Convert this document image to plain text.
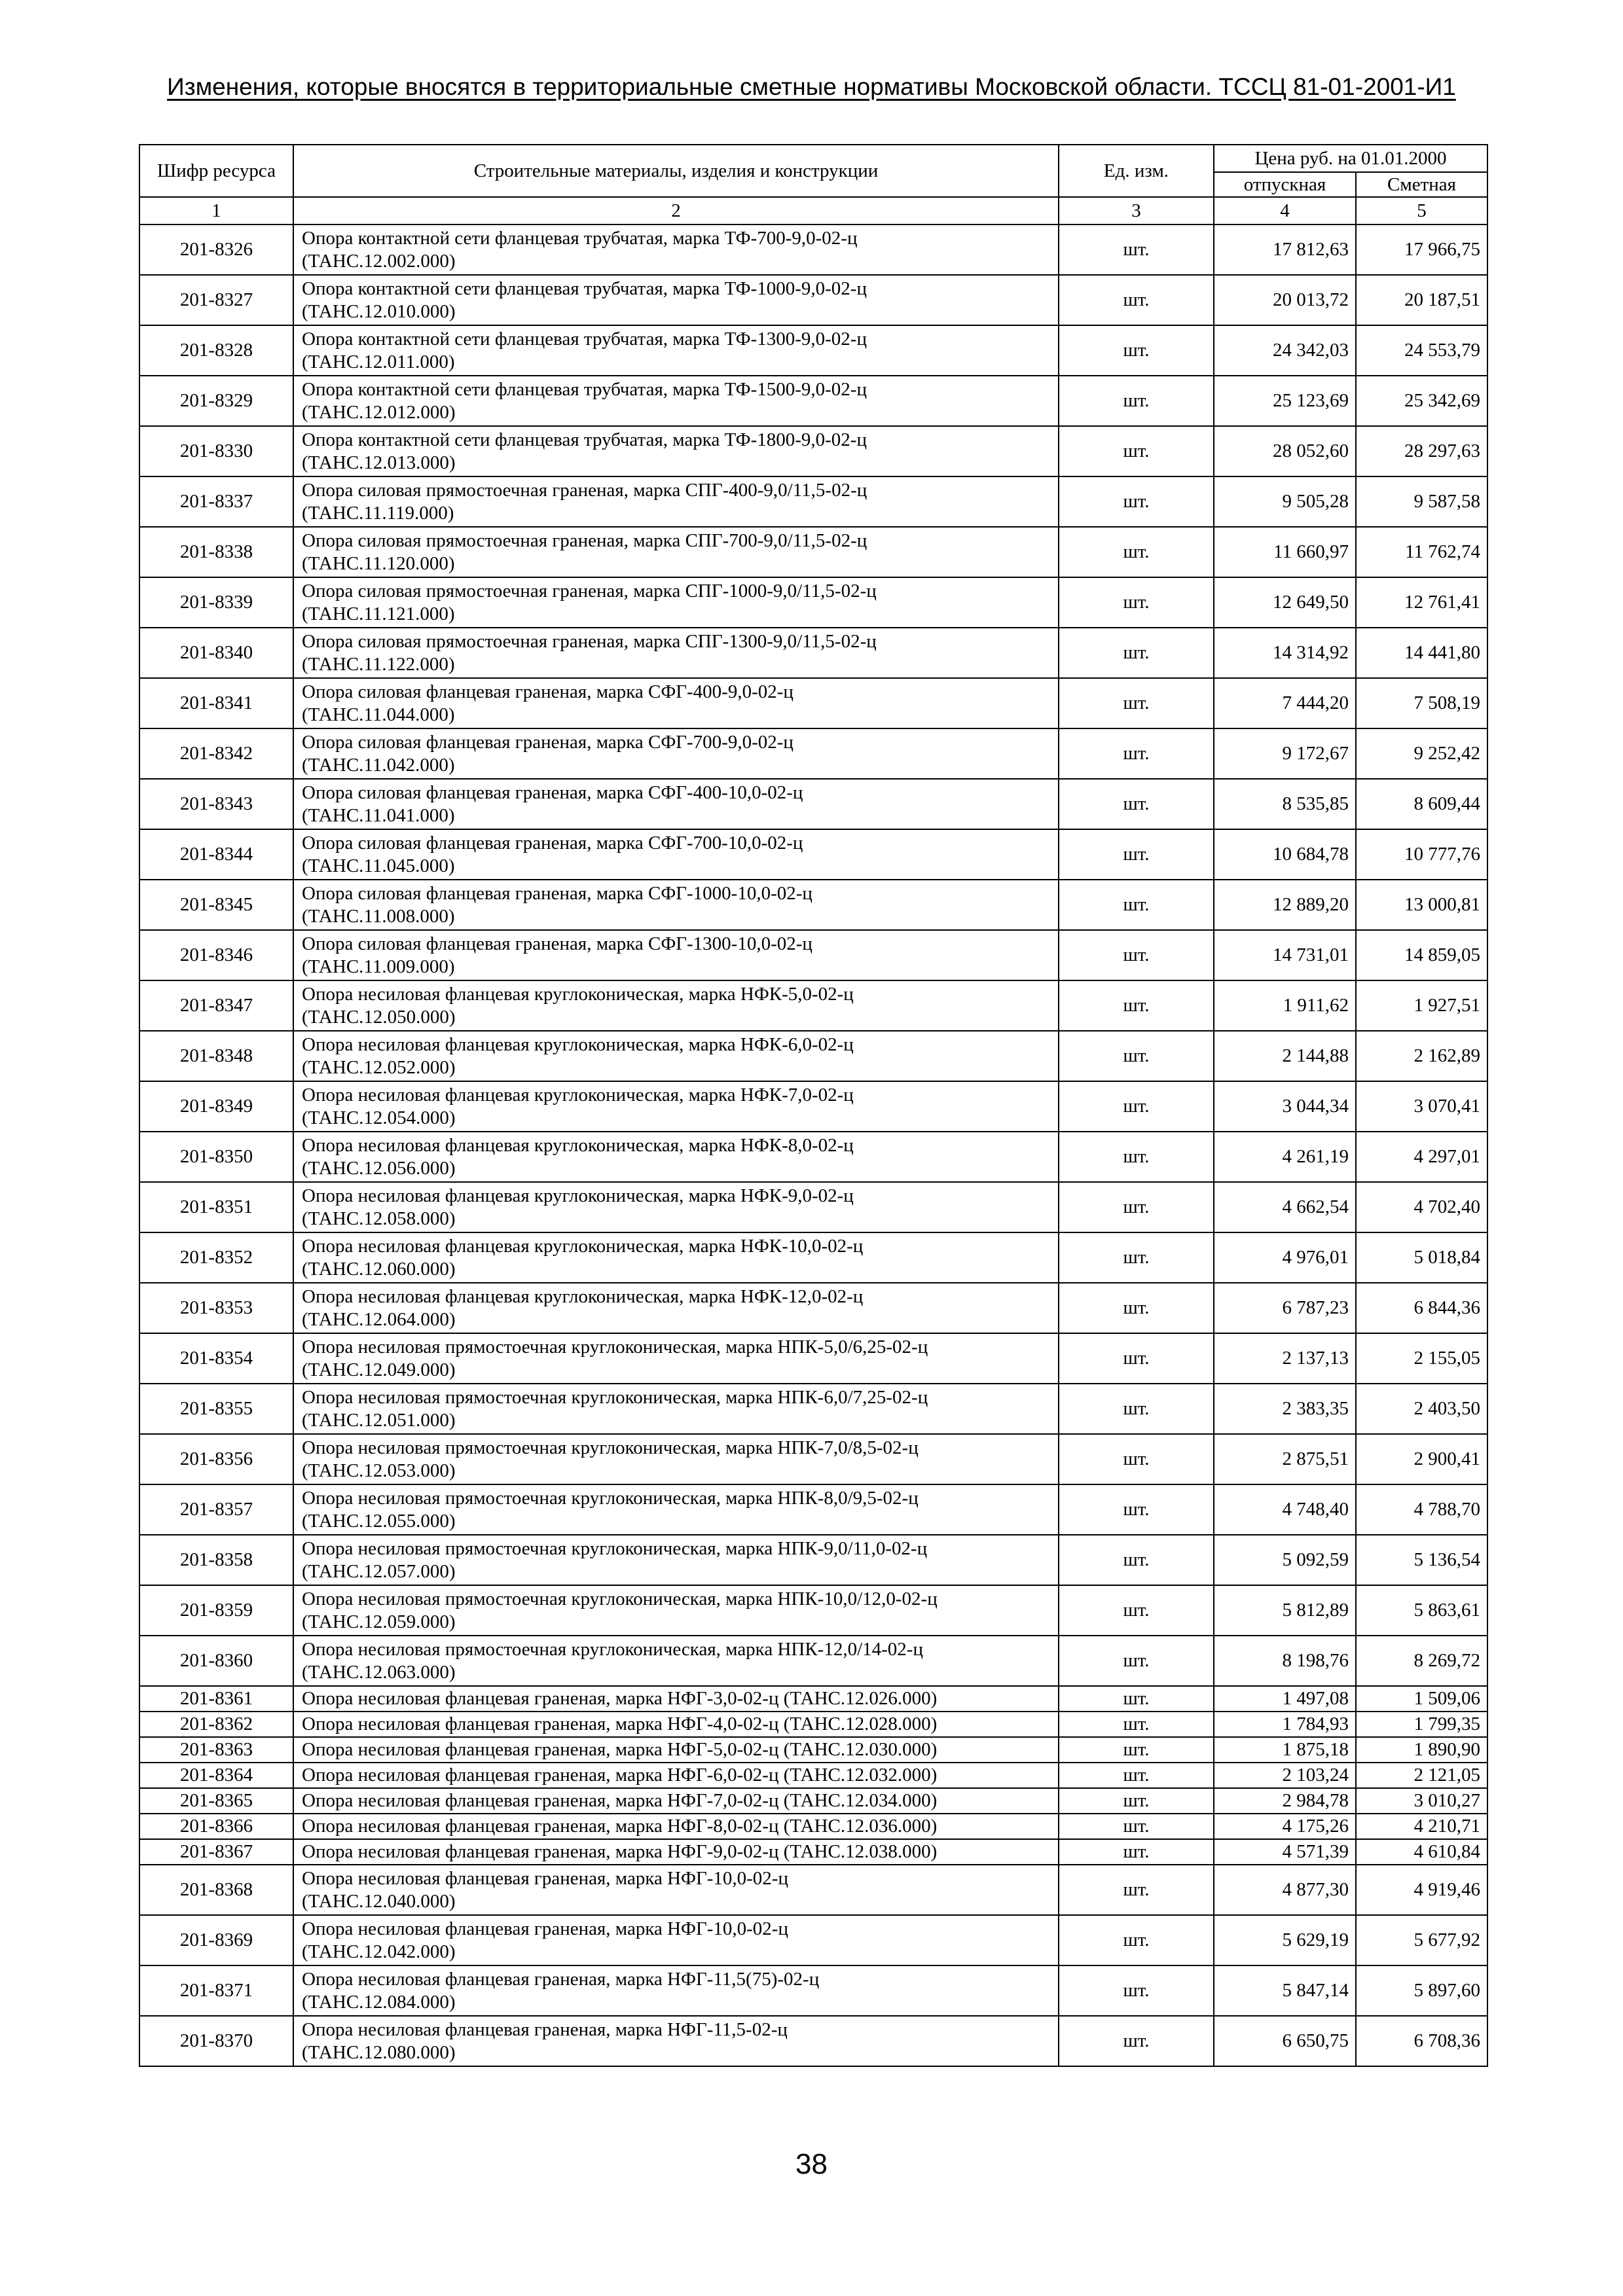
Изменения, которые вносятся в территориальные сметные нормативы Московской области. ТССЦ 81-01-2001-И1
Шифр ресурса	Строительные материалы, изделия и конструкции	Ед. изм.	Цена руб. на 01.01.2000	
			отпускная	Сметная
1	2	3	4	5
201-8326	Опора контактной сети фланцевая трубчатая, марка ТФ-700-9,0-02-ц
(ТАНС.12.002.000)	шт.	17 812,63	17 966,75
201-8327	Опора контактной сети фланцевая трубчатая, марка ТФ-1000-9,0-02-ц
(ТАНС.12.010.000)	шт.	20 013,72	20 187,51
201-8328	Опора контактной сети фланцевая трубчатая, марка ТФ-1300-9,0-02-ц
(ТАНС.12.011.000)	шт.	24 342,03	24 553,79
201-8329	Опора контактной сети фланцевая трубчатая, марка ТФ-1500-9,0-02-ц
(ТАНС.12.012.000)	шт.	25 123,69	25 342,69
201-8330	Опора контактной сети фланцевая трубчатая, марка ТФ-1800-9,0-02-ц
(ТАНС.12.013.000)	шт.	28 052,60	28 297,63
201-8337	Опора силовая прямостоечная граненая, марка СПГ-400-9,0/11,5-02-ц
(ТАНС.11.119.000)	шт.	9 505,28	9 587,58
201-8338	Опора силовая прямостоечная граненая, марка СПГ-700-9,0/11,5-02-ц
(ТАНС.11.120.000)	шт.	11 660,97	11 762,74
201-8339	Опора силовая прямостоечная граненая, марка СПГ-1000-9,0/11,5-02-ц
(ТАНС.11.121.000)	шт.	12 649,50	12 761,41
201-8340	Опора силовая прямостоечная граненая, марка СПГ-1300-9,0/11,5-02-ц
(ТАНС.11.122.000)	шт.	14 314,92	14 441,80
201-8341	Опора силовая фланцевая граненая, марка СФГ-400-9,0-02-ц
(ТАНС.11.044.000)	шт.	7 444,20	7 508,19
201-8342	Опора силовая фланцевая граненая, марка СФГ-700-9,0-02-ц
(ТАНС.11.042.000)	шт.	9 172,67	9 252,42
201-8343	Опора силовая фланцевая граненая, марка СФГ-400-10,0-02-ц
(ТАНС.11.041.000)	шт.	8 535,85	8 609,44
201-8344	Опора силовая фланцевая граненая, марка СФГ-700-10,0-02-ц
(ТАНС.11.045.000)	шт.	10 684,78	10 777,76
201-8345	Опора силовая фланцевая граненая, марка СФГ-1000-10,0-02-ц
(ТАНС.11.008.000)	шт.	12 889,20	13 000,81
201-8346	Опора силовая фланцевая граненая, марка СФГ-1300-10,0-02-ц
(ТАНС.11.009.000)	шт.	14 731,01	14 859,05
201-8347	Опора несиловая фланцевая круглоконическая, марка НФК-5,0-02-ц
(ТАНС.12.050.000)	шт.	1 911,62	1 927,51
201-8348	Опора несиловая фланцевая круглоконическая, марка НФК-6,0-02-ц
(ТАНС.12.052.000)	шт.	2 144,88	2 162,89
201-8349	Опора несиловая фланцевая круглоконическая, марка НФК-7,0-02-ц
(ТАНС.12.054.000)	шт.	3 044,34	3 070,41
201-8350	Опора несиловая фланцевая круглоконическая, марка НФК-8,0-02-ц
(ТАНС.12.056.000)	шт.	4 261,19	4 297,01
201-8351	Опора несиловая фланцевая круглоконическая, марка НФК-9,0-02-ц
(ТАНС.12.058.000)	шт.	4 662,54	4 702,40
201-8352	Опора несиловая фланцевая круглоконическая, марка НФК-10,0-02-ц
(ТАНС.12.060.000)	шт.	4 976,01	5 018,84
201-8353	Опора несиловая фланцевая круглоконическая, марка НФК-12,0-02-ц
(ТАНС.12.064.000)	шт.	6 787,23	6 844,36
201-8354	Опора несиловая прямостоечная круглоконическая, марка НПК-5,0/6,25-02-ц
(ТАНС.12.049.000)	шт.	2 137,13	2 155,05
201-8355	Опора несиловая прямостоечная круглоконическая, марка НПК-6,0/7,25-02-ц
(ТАНС.12.051.000)	шт.	2 383,35	2 403,50
201-8356	Опора несиловая прямостоечная круглоконическая, марка НПК-7,0/8,5-02-ц
(ТАНС.12.053.000)	шт.	2 875,51	2 900,41
201-8357	Опора несиловая прямостоечная круглоконическая, марка НПК-8,0/9,5-02-ц
(ТАНС.12.055.000)	шт.	4 748,40	4 788,70
201-8358	Опора несиловая прямостоечная круглоконическая, марка НПК-9,0/11,0-02-ц
(ТАНС.12.057.000)	шт.	5 092,59	5 136,54
201-8359	Опора несиловая прямостоечная круглоконическая, марка НПК-10,0/12,0-02-ц
(ТАНС.12.059.000)	шт.	5 812,89	5 863,61
201-8360	Опора несиловая прямостоечная круглоконическая, марка НПК-12,0/14-02-ц
(ТАНС.12.063.000)	шт.	8 198,76	8 269,72
201-8361	Опора несиловая фланцевая граненая, марка НФГ-3,0-02-ц (ТАНС.12.026.000)	шт.	1 497,08	1 509,06
201-8362	Опора несиловая фланцевая граненая, марка НФГ-4,0-02-ц (ТАНС.12.028.000)	шт.	1 784,93	1 799,35
201-8363	Опора несиловая фланцевая граненая, марка НФГ-5,0-02-ц (ТАНС.12.030.000)	шт.	1 875,18	1 890,90
201-8364	Опора несиловая фланцевая граненая, марка НФГ-6,0-02-ц (ТАНС.12.032.000)	шт.	2 103,24	2 121,05
201-8365	Опора несиловая фланцевая граненая, марка НФГ-7,0-02-ц (ТАНС.12.034.000)	шт.	2 984,78	3 010,27
201-8366	Опора несиловая фланцевая граненая, марка НФГ-8,0-02-ц (ТАНС.12.036.000)	шт.	4 175,26	4 210,71
201-8367	Опора несиловая фланцевая граненая, марка НФГ-9,0-02-ц (ТАНС.12.038.000)	шт.	4 571,39	4 610,84
201-8368	Опора несиловая фланцевая граненая, марка НФГ-10,0-02-ц
(ТАНС.12.040.000)	шт.	4 877,30	4 919,46
201-8369	Опора несиловая фланцевая граненая, марка НФГ-10,0-02-ц
(ТАНС.12.042.000)	шт.	5 629,19	5 677,92
201-8371	Опора несиловая фланцевая граненая, марка НФГ-11,5(75)-02-ц
(ТАНС.12.084.000)	шт.	5 847,14	5 897,60
201-8370	Опора несиловая фланцевая граненая, марка НФГ-11,5-02-ц
(ТАНС.12.080.000)	шт.	6 650,75	6 708,36
38
